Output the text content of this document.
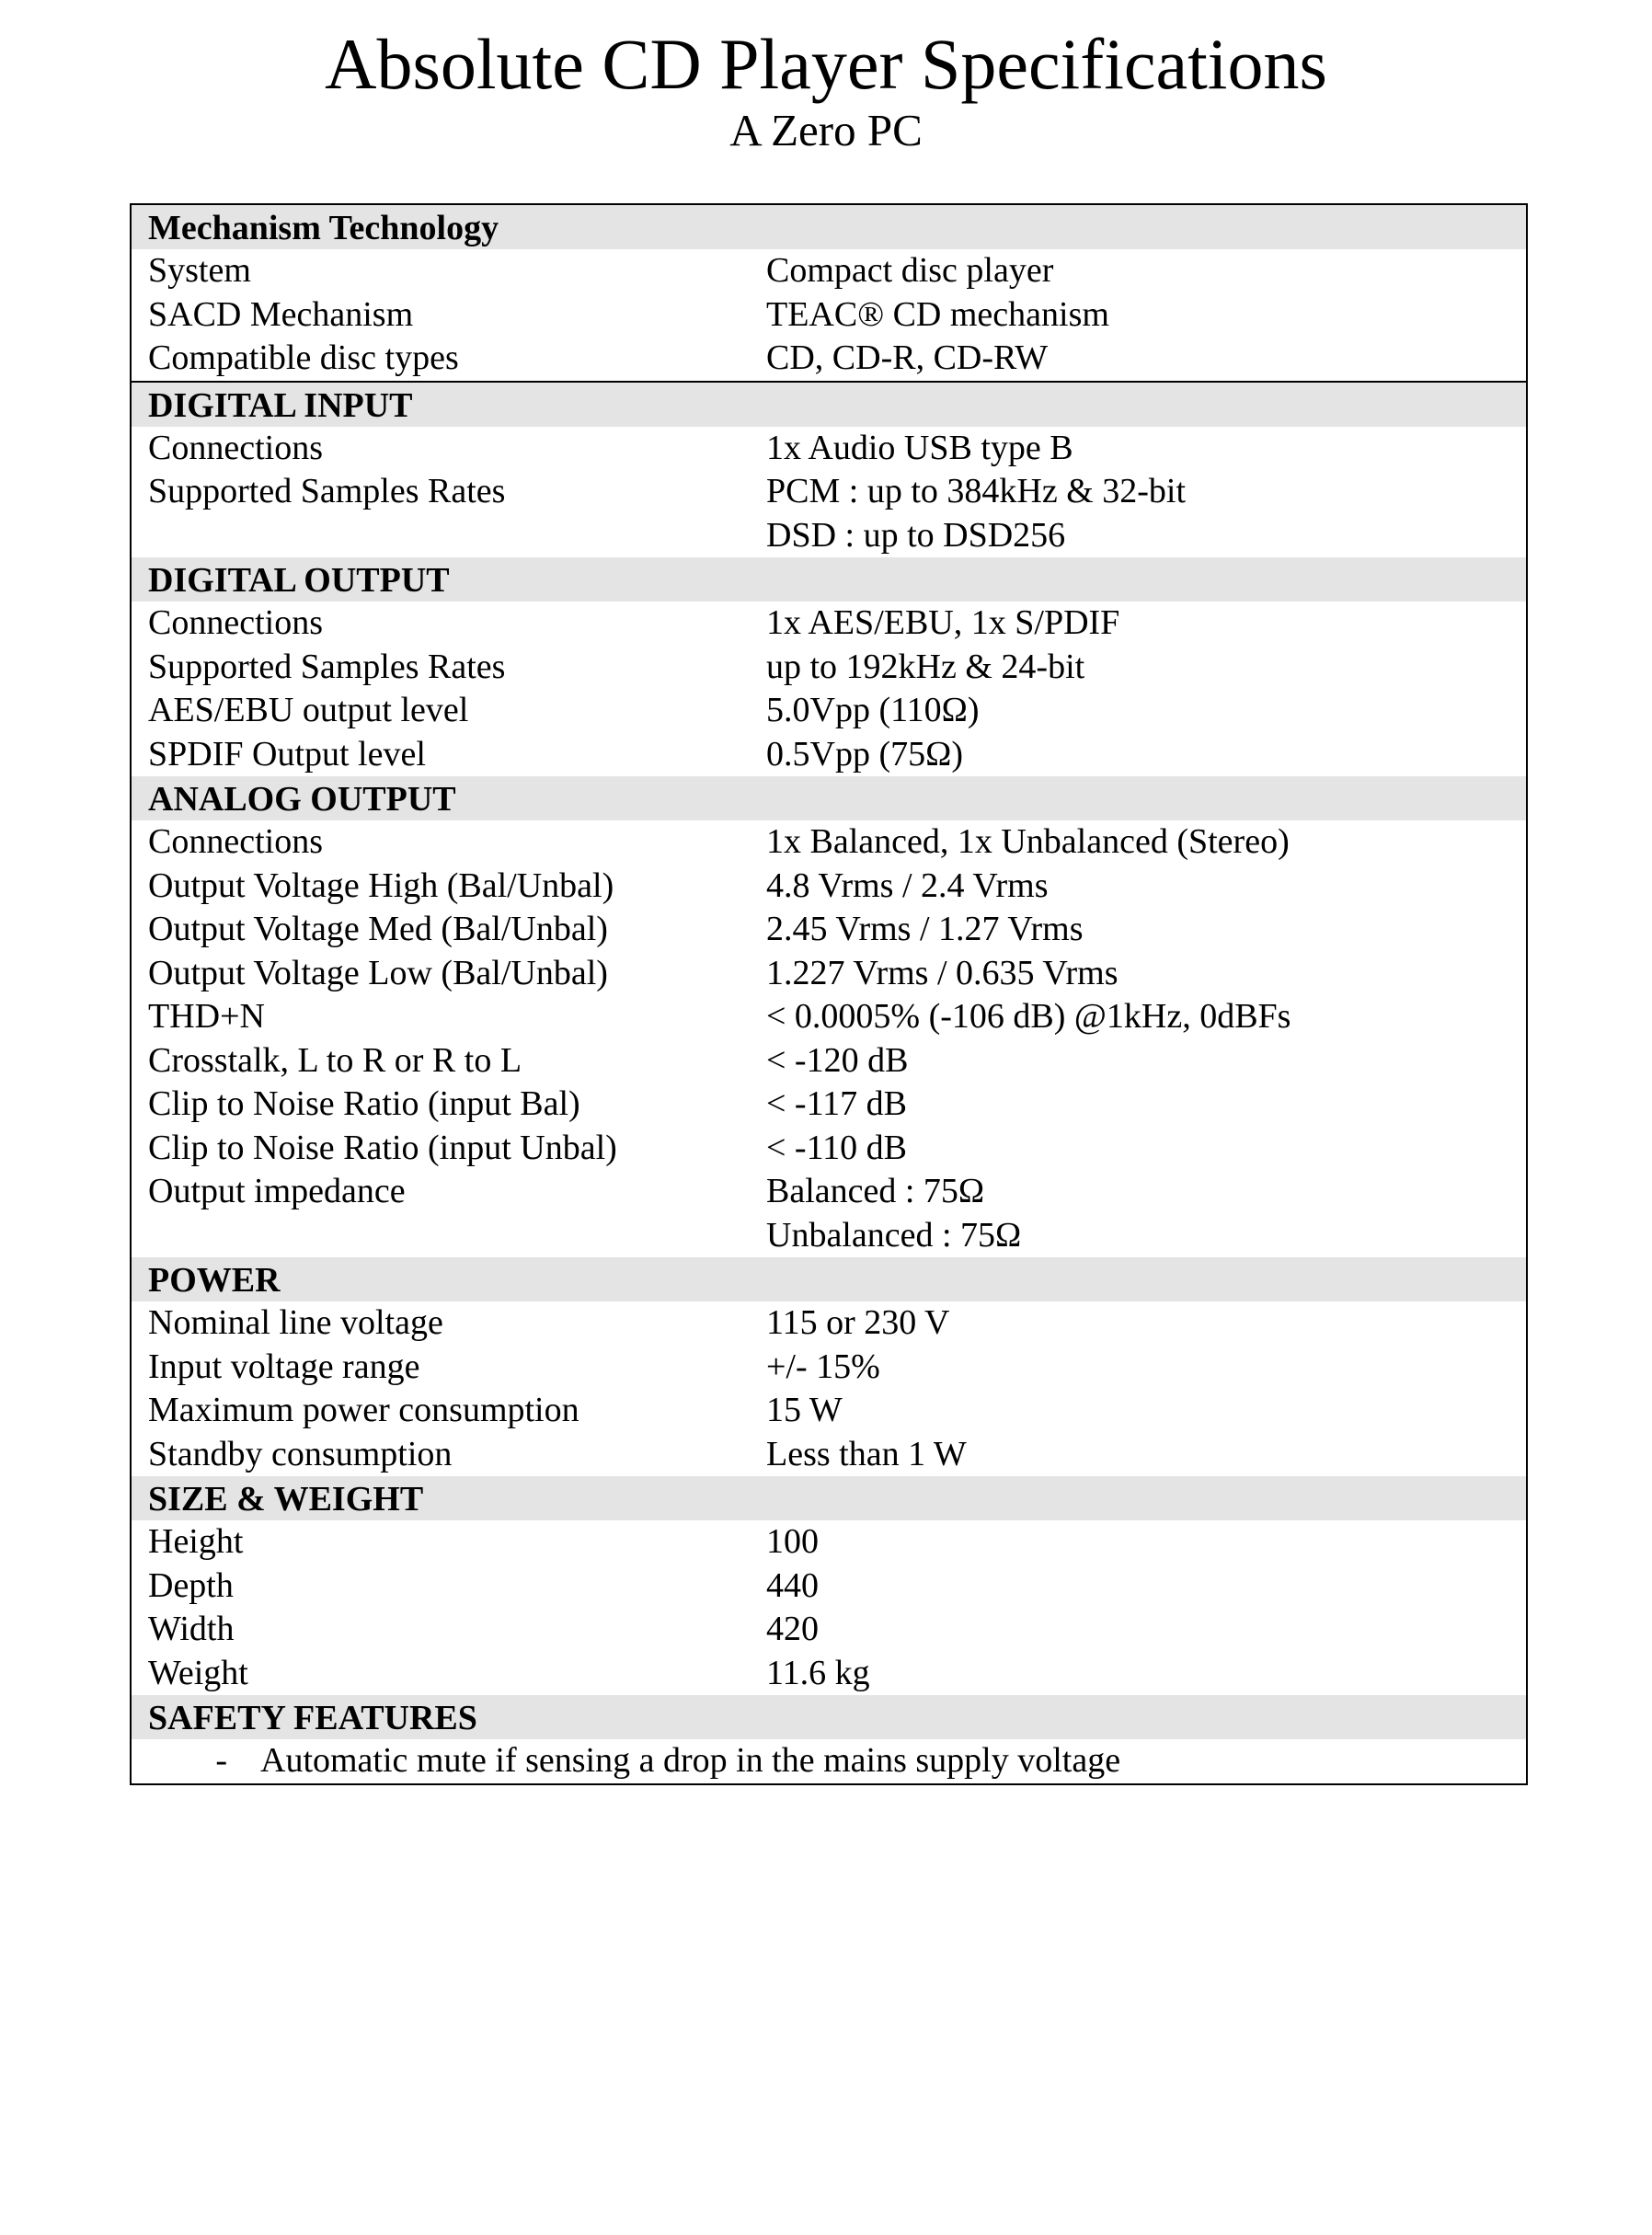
Absolute CD Player Specifications
A Zero PC
Mechanism Technology
System	Compact disc player
SACD Mechanism	TEAC® CD mechanism
Compatible disc types	CD, CD-R, CD-RW
DIGITAL INPUT
Connections	1x Audio USB type B
Supported Samples Rates	PCM : up to 384kHz & 32-bit
DSD : up to DSD256
DIGITAL OUTPUT
Connections	1x AES/EBU, 1x S/PDIF
Supported Samples Rates	up to 192kHz & 24-bit
AES/EBU output level	5.0Vpp (110Ω)
SPDIF Output level	0.5Vpp (75Ω)
ANALOG OUTPUT
Connections	1x Balanced, 1x Unbalanced (Stereo)
Output Voltage High (Bal/Unbal)	4.8 Vrms / 2.4 Vrms
Output Voltage Med (Bal/Unbal)	2.45 Vrms / 1.27 Vrms
Output Voltage Low (Bal/Unbal)	1.227 Vrms / 0.635 Vrms
THD+N	< 0.0005% (-106 dB) @1kHz, 0dBFs
Crosstalk, L to R or R to L	< -120 dB
Clip to Noise Ratio (input Bal)	< -117 dB
Clip to Noise Ratio (input Unbal)	< -110 dB
Output impedance	Balanced : 75Ω
Unbalanced : 75Ω
POWER
Nominal line voltage	115 or 230 V
Input voltage range	+/- 15%
Maximum power consumption	15 W
Standby consumption	Less than 1 W
SIZE & WEIGHT
Height	100
Depth	440
Width	420
Weight	11.6 kg
SAFETY FEATURES
- Automatic mute if sensing a drop in the mains supply voltage
